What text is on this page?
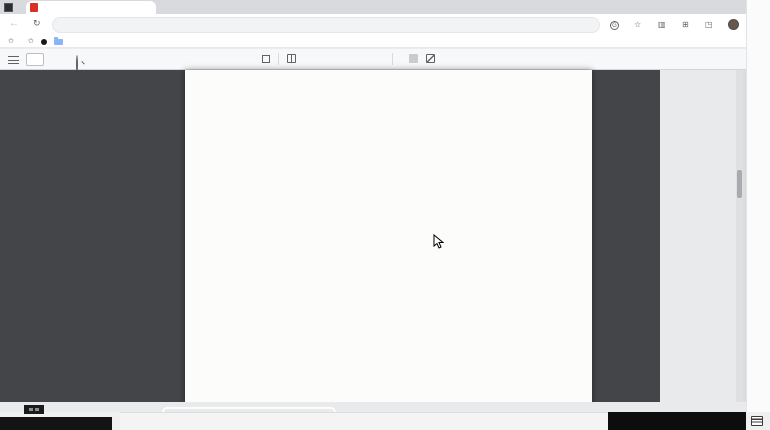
← ↻	G ☆ ▥ ⊞ ◳
✩ ✩
